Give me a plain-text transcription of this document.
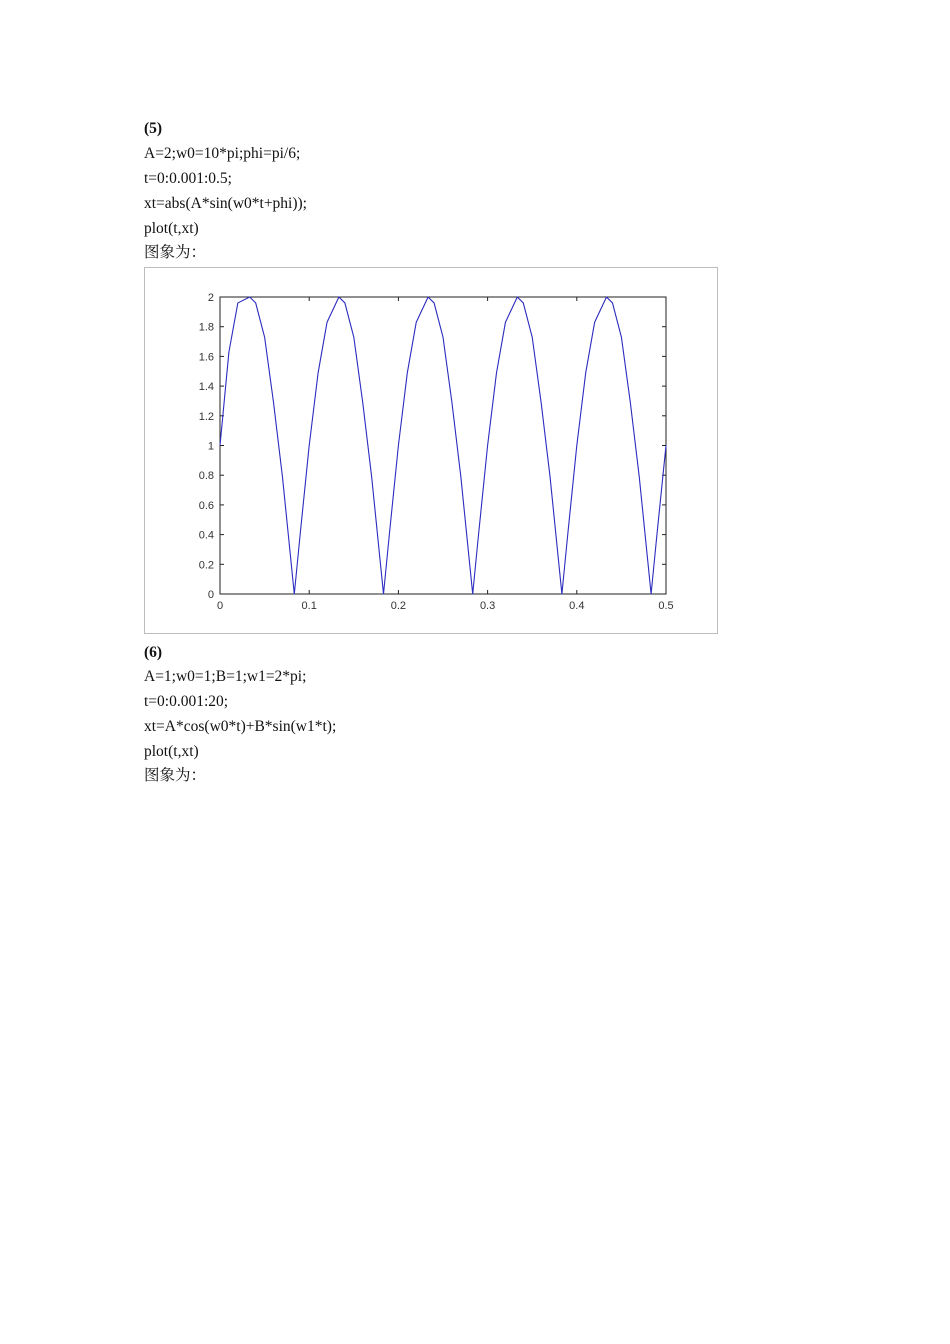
(5)
A=2;w0=10*pi;phi=pi/6;
t=0:0.001:0.5;
xt=abs(A*sin(w0*t+phi));
plot(t,xt)
图象为：
0	0.1	0.2	0.3	0.4	0.5
0
0.2
0.4
0.6
0.8
1
1.2
1.4
1.6
1.8
2
(6)
A=1;w0=1;B=1;w1=2*pi;
t=0:0.001:20;
xt=A*cos(w0*t)+B*sin(w1*t);
plot(t,xt)
图象为：
